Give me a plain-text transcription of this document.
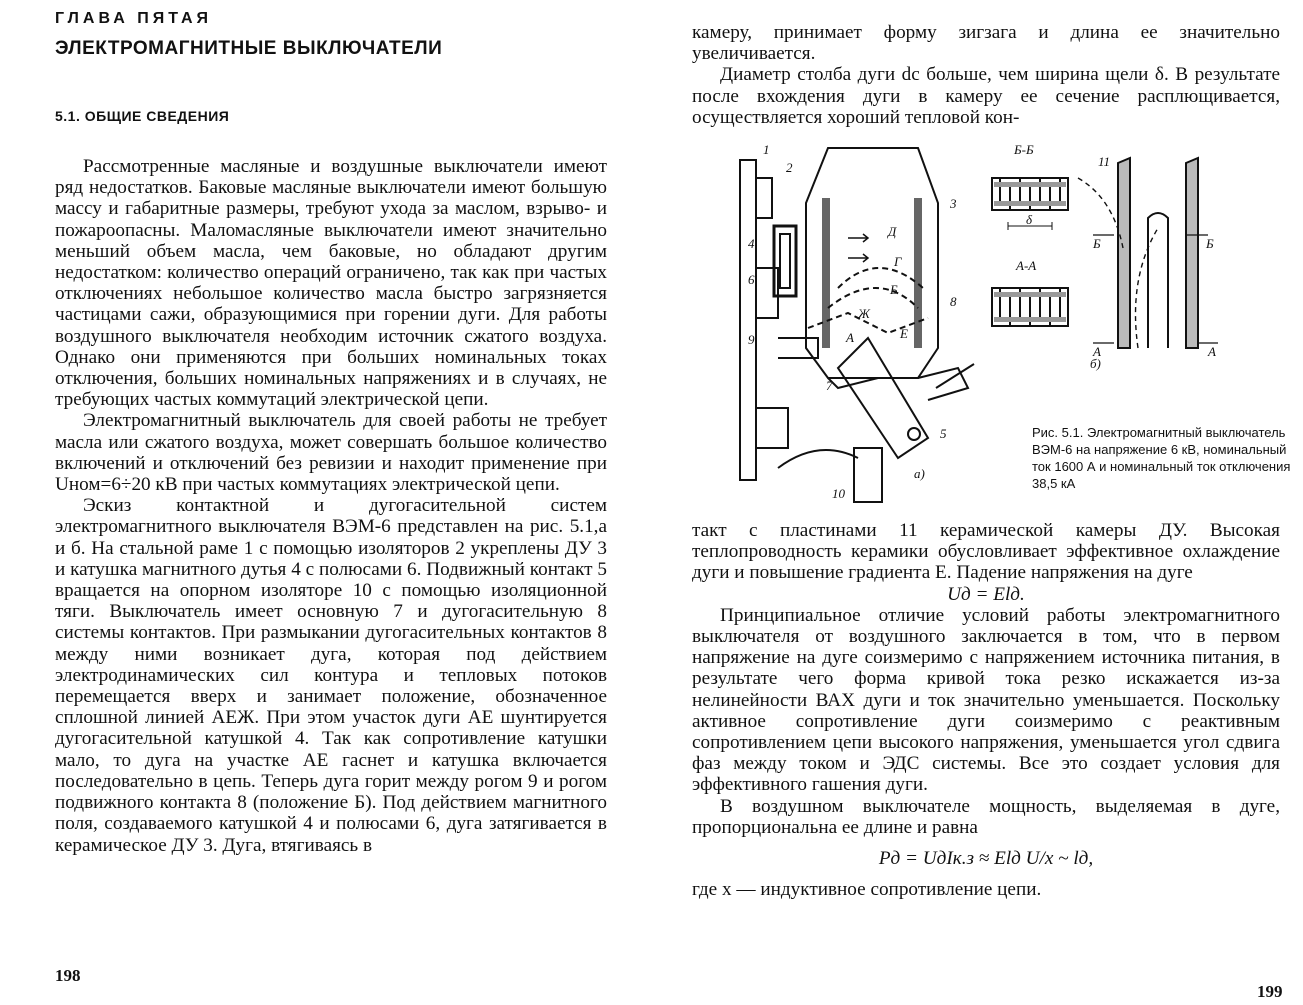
ГЛАВА ПЯТАЯ
ЭЛЕКТРОМАГНИТНЫЕ ВЫКЛЮЧАТЕЛИ
5.1. ОБЩИЕ СВЕДЕНИЯ

Рассмотренные масляные и воздушные выключатели имеют ряд недостатков. Баковые масляные выключатели имеют большую массу и габаритные размеры, требуют ухода за маслом, взрыво- и пожароопасны. Маломасляные выключатели имеют значительно меньший объем масла, чем баковые, но обладают другим недостатком: количество операций ограничено, так как при частых отключениях небольшое количество масла быстро загрязняется частицами сажи, образующимися при горении дуги. Для работы воздушного выключателя необходим источник сжатого воздуха. Однако они применяются при больших номинальных токах отключения, больших номинальных напряжениях и в случаях, не требующих частых коммутаций электрической цепи.

Электромагнитный выключатель для своей работы не требует масла или сжатого воздуха, может совершать большое количество включений и отключений без ревизии и находит применение при Uном=6÷20 кВ при частых коммутациях электрической цепи.

Эскиз контактной и дугогасительной систем электромагнитного выключателя ВЭМ-6 представлен на рис. 5.1,а и б. На стальной раме 1 с помощью изоляторов 2 укреплены ДУ 3 и катушка магнитного дутья 4 с полюсами 6. Подвижный контакт 5 вращается на опорном изоляторе 10 с помощью изоляционной тяги. Выключатель имеет основную 7 и дугогасительную 8 системы контактов. При размыкании дугогасительных контактов 8 между ними возникает дуга, которая под действием электродинамических сил контура и тепловых потоков перемещается вверх и занимает положение, обозначенное сплошной линией АЕЖ. При этом участок дуги АЕ шунтируется дугогасительной катушкой 4. Так как сопротивление катушки мало, то дуга на участке АЕ гаснет и катушка включается последовательно в цепь. Теперь дуга горит между рогом 9 и рогом подвижного контакта 8 (положение Б). Под действием магнитного поля, создаваемого катушкой 4 и полюсами 6, дуга затягивается в керамическое ДУ 3. Дуга, втягиваясь в

198

камеру, принимает форму зигзага и длина ее значительно увеличивается.

Диаметр столба дуги dс больше, чем ширина щели δ. В результате после вхождения дуги в камеру ее сечение расплющивается, осуществляется хороший тепловой кон-

1
2
3
4
5
6
7
8
9
10
11
Д
Г
Б
Ж
Е
А
Б	Б
А	А
Б-Б
А-А
δ
а)
б)
Рис. 5.1. Электромагнитный выключатель ВЭМ-6 на напряжение 6 кВ, номинальный ток 1600 А и номинальный ток отключения 38,5 кА

такт с пластинами 11 керамической камеры ДУ. Высокая теплопроводность керамики обусловливает эффективное охлаждение дуги и повышение градиента Е. Падение напряжения на дуге

Uд = Elд.

Принципиальное отличие условий работы электромагнитного выключателя от воздушного заключается в том, что в первом напряжение на дуге соизмеримо с напряжением источника питания, в результате чего форма кривой тока резко искажается из-за нелинейности ВАХ дуги и ток значительно уменьшается. Поскольку активное сопротивление дуги соизмеримо с реактивным сопротивлением цепи высокого напряжения, уменьшается угол сдвига фаз между током и ЭДС системы. Все это создает условия для эффективного гашения дуги.

В воздушном выключателе мощность, выделяемая в дуге, пропорциональна ее длине и равна

Pд = UдIк.з ≈ Elд U/x ~ lд,

где x — индуктивное сопротивление цепи.

199
